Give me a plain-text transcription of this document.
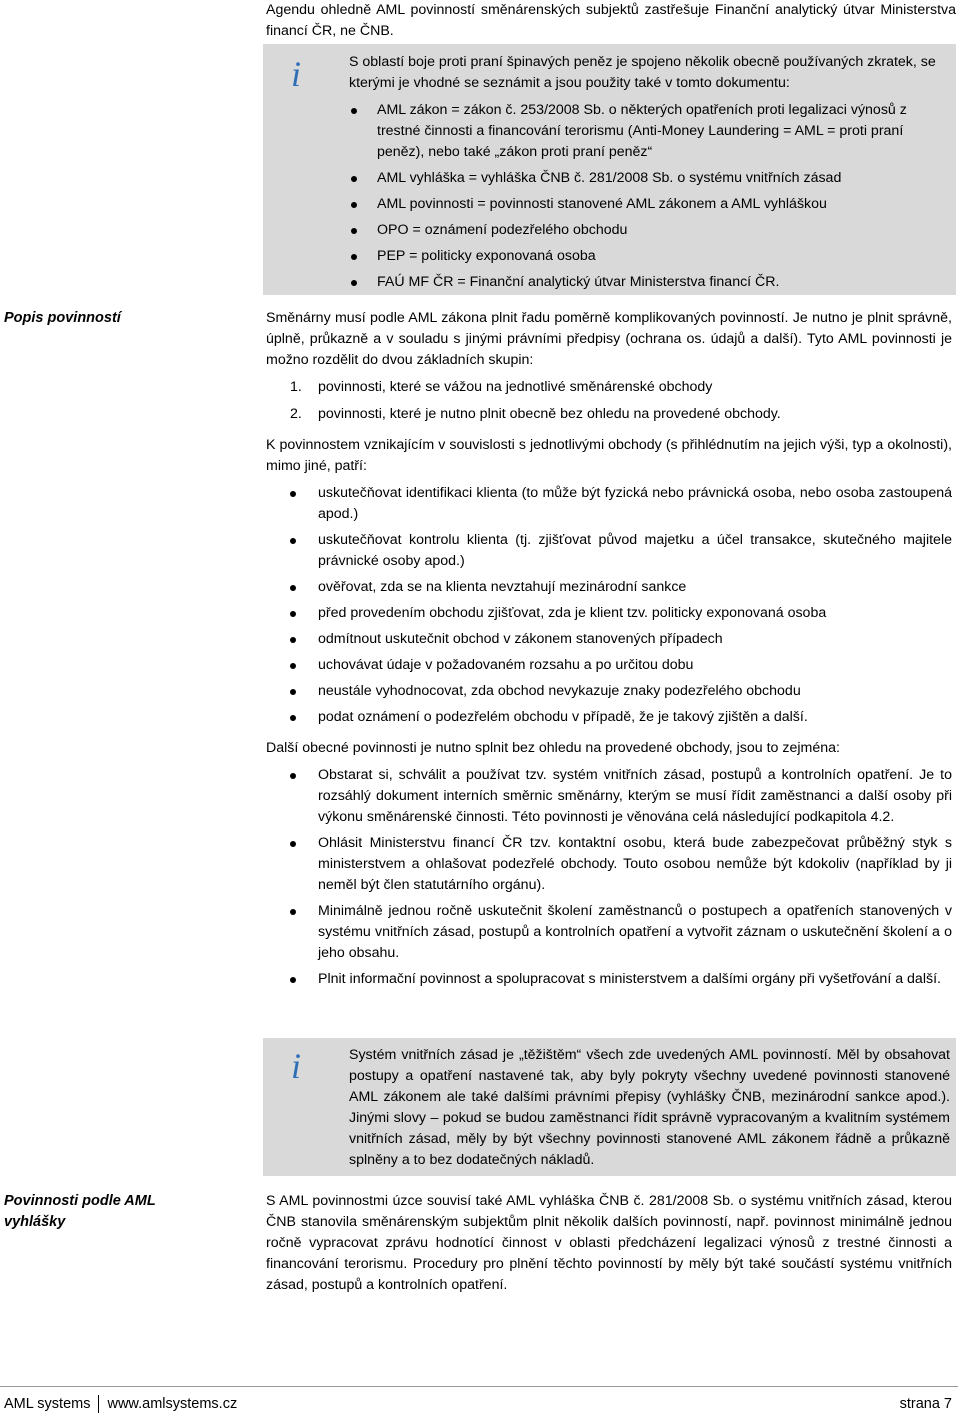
Agendu ohledně AML povinností směnárenských subjektů zastřešuje Finanční analytický útvar Ministerstva financí ČR, ne ČNB.
i	S oblastí boje proti praní špinavých peněz je spojeno několik obecně používaných zkratek, se kterými je vhodné se seznámit a jsou použity také v tomto dokumentu:
AML zákon = zákon č. 253/2008 Sb. o některých opatřeních proti legalizaci výnosů z trestné činnosti a financování terorismu (Anti-Money Laundering = AML = proti praní peněz), nebo také „zákon proti praní peněz“
AML vyhláška = vyhláška ČNB č. 281/2008 Sb. o systému vnitřních zásad
AML povinnosti = povinnosti stanovené AML zákonem a AML vyhláškou
OPO = oznámení podezřelého obchodu
PEP = politicky exponovaná osoba
FAÚ MF ČR = Finanční analytický útvar Ministerstva financí ČR.
Popis povinností	Směnárny musí podle AML zákona plnit řadu poměrně komplikovaných povinností. Je nutno je plnit správně, úplně, průkazně a v souladu s jinými právními předpisy (ochrana os. údajů a další). Tyto AML povinnosti je možno rozdělit do dvou základních skupin:
1. povinnosti, které se vážou na jednotlivé směnárenské obchody
2. povinnosti, které je nutno plnit obecně bez ohledu na provedené obchody.
K povinnostem vznikajícím v souvislosti s jednotlivými obchody (s přihlédnutím na jejich výši, typ a okolnosti), mimo jiné, patří:
uskutečňovat identifikaci klienta (to může být fyzická nebo právnická osoba, nebo osoba zastoupená apod.)
uskutečňovat kontrolu klienta (tj. zjišťovat původ majetku a účel transakce, skutečného majitele právnické osoby apod.)
ověřovat, zda se na klienta nevztahují mezinárodní sankce
před provedením obchodu zjišťovat, zda je klient tzv. politicky exponovaná osoba
odmítnout uskutečnit obchod v zákonem stanovených případech
uchovávat údaje v požadovaném rozsahu a po určitou dobu
neustále vyhodnocovat, zda obchod nevykazuje znaky podezřelého obchodu
podat oznámení o podezřelém obchodu v případě, že je takový zjištěn a další.
Další obecné povinnosti je nutno splnit bez ohledu na provedené obchody, jsou to zejména:
Obstarat si, schválit a používat tzv. systém vnitřních zásad, postupů a kontrolních opatření. Je to rozsáhlý dokument interních směrnic směnárny, kterým se musí řídit zaměstnanci a další osoby při výkonu směnárenské činnosti. Této povinnosti je věnována celá následující podkapitola 4.2.
Ohlásit Ministerstvu financí ČR tzv. kontaktní osobu, která bude zabezpečovat průběžný styk s ministerstvem a ohlašovat podezřelé obchody. Touto osobou nemůže být kdokoliv (například by ji neměl být člen statutárního orgánu).
Minimálně jednou ročně uskutečnit školení zaměstnanců o postupech a opatřeních stanovených v systému vnitřních zásad, postupů a kontrolních opatření a vytvořit záznam o uskutečnění školení a o jeho obsahu.
Plnit informační povinnost a spolupracovat s ministerstvem a dalšími orgány při vyšetřování a další.
i	Systém vnitřních zásad je „těžištěm“ všech zde uvedených AML povinností. Měl by obsahovat postupy a opatření nastavené tak, aby byly pokryty všechny uvedené povinnosti stanovené AML zákonem ale také dalšími právními přepisy (vyhlášky ČNB, mezinárodní sankce apod.). Jinými slovy – pokud se budou zaměstnanci řídit správně vypracovaným a kvalitním systémem vnitřních zásad, měly by být všechny povinnosti stanovené AML zákonem řádně a průkazně splněny a to bez dodatečných nákladů.
Povinnosti podle AML vyhlášky
S AML povinnostmi úzce souvisí také AML vyhláška ČNB č. 281/2008 Sb. o systému vnitřních zásad, kterou ČNB stanovila směnárenským subjektům plnit několik dalších povinností, např. povinnost minimálně jednou ročně vypracovat zprávu hodnotící činnost v oblasti předcházení legalizaci výnosů z trestné činnosti a financování terorismu. Procedury pro plnění těchto povinností by měly být také součástí systému vnitřních zásad, postupů a kontrolních opatření.
AML systems www.amlsystems.cz	strana 7
